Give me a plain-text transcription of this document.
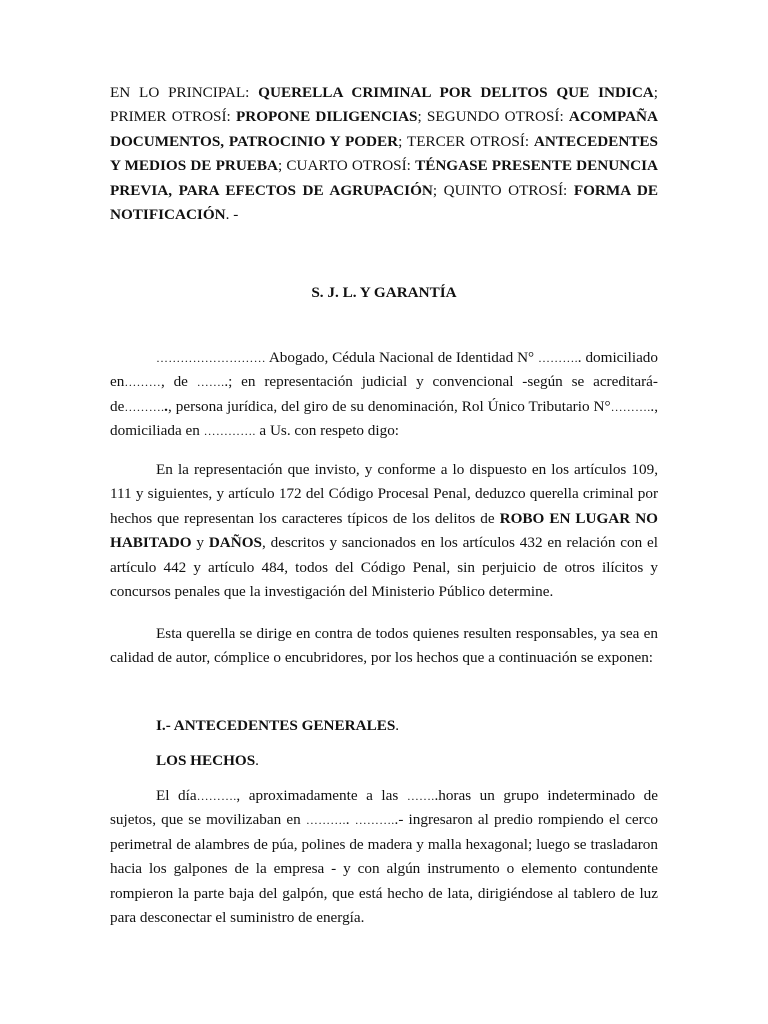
EN LO PRINCIPAL: QUERELLA CRIMINAL POR DELITOS QUE INDICA; PRIMER OTROSÍ: PROPONE DILIGENCIAS; SEGUNDO OTROSÍ: ACOMPAÑA DOCUMENTOS, PATROCINIO Y PODER; TERCER OTROSÍ: ANTECEDENTES Y MEDIOS DE PRUEBA; CUARTO OTROSÍ: TÉNGASE PRESENTE DENUNCIA PREVIA, PARA EFECTOS DE AGRUPACIÓN; QUINTO OTROSÍ: FORMA DE NOTIFICACIÓN. -

S. J. L. Y GARANTÍA

……………………… Abogado, Cédula Nacional de Identidad N° ……….. domiciliado en………, de ……..; en representación judicial y convencional -según se acreditará- de……….., persona jurídica, del giro de su denominación, Rol Único Tributario N°……….., domiciliada en …………. a Us. con respeto digo:

En la representación que invisto, y conforme a lo dispuesto en los artículos 109, 111 y siguientes, y artículo 172 del Código Procesal Penal, deduzco querella criminal por hechos que representan los caracteres típicos de los delitos de ROBO EN LUGAR NO HABITADO y DAÑOS, descritos y sancionados en los artículos 432 en relación con el artículo 442 y artículo 484, todos del Código Penal, sin perjuicio de otros ilícitos y concursos penales que la investigación del Ministerio Público determine.

Esta querella se dirige en contra de todos quienes resulten responsables, ya sea en calidad de autor, cómplice o encubridores, por los hechos que a continuación se exponen:

I.- ANTECEDENTES GENERALES.

LOS HECHOS.

El día………., aproximadamente a las ……..horas un grupo indeterminado de sujetos, que se movilizaban en ……….. ………..- ingresaron al predio rompiendo el cerco perimetral de alambres de púa, polines de madera y malla hexagonal; luego se trasladaron hacia los galpones de la empresa - y con algún instrumento o elemento contundente rompieron la parte baja del galpón, que está hecho de lata, dirigiéndose al tablero de luz para desconectar el suministro de energía.
